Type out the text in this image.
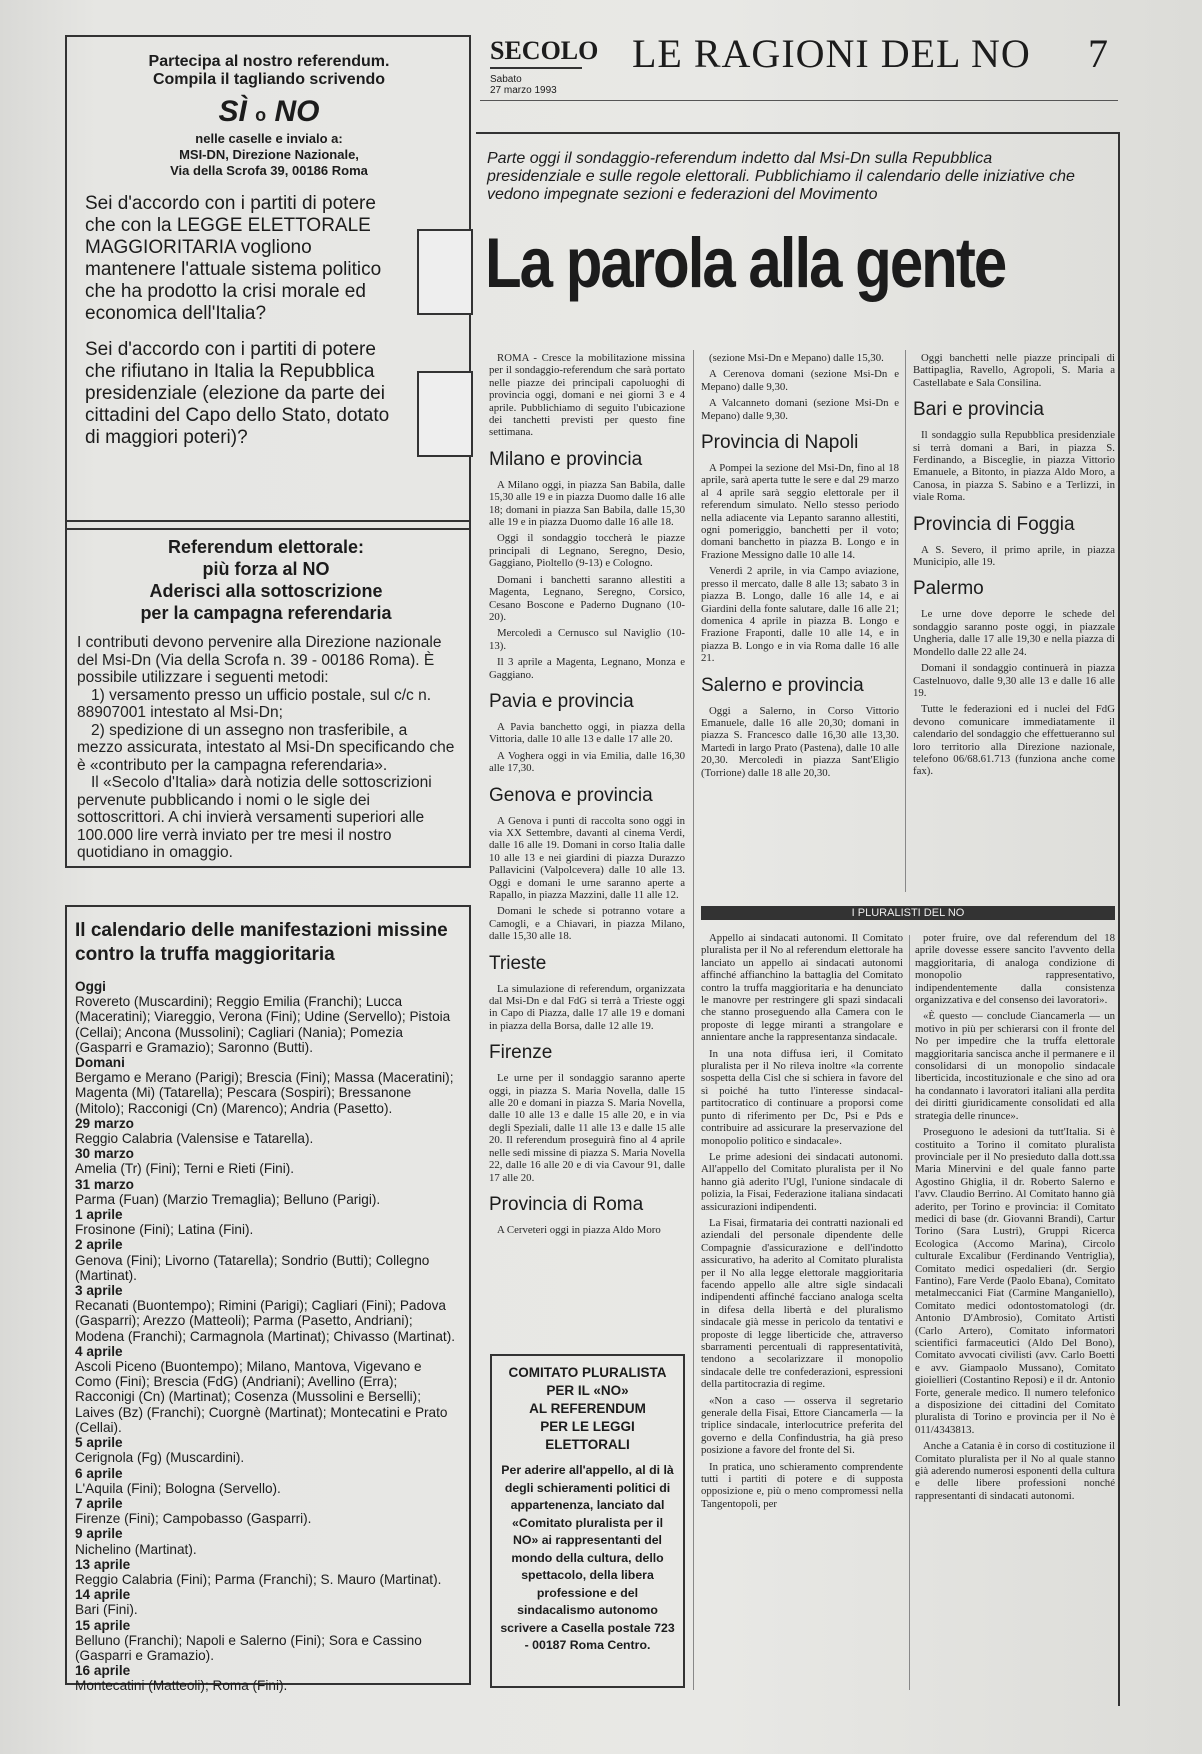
SECOLO
Sabato
27 marzo 1993
LE RAGIONI DEL NO 7
Partecipa al nostro referendum.
Compila il tagliando scrivendo
SÌ o NO
nelle caselle e invialo a:
MSI-DN, Direzione Nazionale,
Via della Scrofa 39, 00186 Roma
Sei d'accordo con i partiti di potere che con la LEGGE ELETTORALE MAGGIORITARIA vogliono mantenere l'attuale sistema politico che ha prodotto la crisi morale ed economica dell'Italia?
Sei d'accordo con i partiti di potere che rifiutano in Italia la Repubblica presidenziale (elezione da parte dei cittadini del Capo dello Stato, dotato di maggiori poteri)?
Referendum elettorale:
più forza al NO
Aderisci alla sottoscrizione
per la campagna referendaria

I contributi devono pervenire alla Direzione nazionale del Msi-Dn (Via della Scrofa n. 39 - 00186 Roma). È possibile utilizzare i seguenti metodi:

1) versamento presso un ufficio postale, sul c/c n. 88907001 intestato al Msi-Dn;

2) spedizione di un assegno non trasferibile, a mezzo assicurata, intestato al Msi-Dn specificando che è «contributo per la campagna referendaria».

Il «Secolo d'Italia» darà notizia delle sottoscrizioni pervenute pubblicando i nomi o le sigle dei sottoscrittori. A chi invierà versamenti superiori alle 100.000 lire verrà inviato per tre mesi il nostro quotidiano in omaggio.

Il calendario delle manifestazioni missine
contro la truffa maggioritaria
Oggi
Rovereto (Muscardini); Reggio Emilia (Franchi); Lucca (Maceratini); Viareggio, Verona (Fini); Udine (Servello); Pistoia (Cellai); Ancona (Mussolini); Cagliari (Nania); Pomezia (Gasparri e Gramazio); Saronno (Butti).
Domani
Bergamo e Merano (Parigi); Brescia (Fini); Massa (Maceratini); Magenta (Mi) (Tatarella); Pescara (Sospiri); Bressanone (Mitolo); Racconigi (Cn) (Marenco); Andria (Pasetto).
29 marzo
Reggio Calabria (Valensise e Tatarella).
30 marzo
Amelia (Tr) (Fini); Terni e Rieti (Fini).
31 marzo
Parma (Fuan) (Marzio Tremaglia); Belluno (Parigi).
1 aprile
Frosinone (Fini); Latina (Fini).
2 aprile
Genova (Fini); Livorno (Tatarella); Sondrio (Butti); Collegno (Martinat).
3 aprile
Recanati (Buontempo); Rimini (Parigi); Cagliari (Fini); Padova (Gasparri); Arezzo (Matteoli); Parma (Pasetto, Andriani); Modena (Franchi); Carmagnola (Martinat); Chivasso (Martinat).
4 aprile
Ascoli Piceno (Buontempo); Milano, Mantova, Vigevano e Como (Fini); Brescia (FdG) (Andriani); Avellino (Erra); Racconigi (Cn) (Martinat); Cosenza (Mussolini e Berselli); Laives (Bz) (Franchi); Cuorgnè (Martinat); Montecatini e Prato (Cellai).
5 aprile
Cerignola (Fg) (Muscardini).
6 aprile
L'Aquila (Fini); Bologna (Servello).
7 aprile
Firenze (Fini); Campobasso (Gasparri).
9 aprile
Nichelino (Martinat).
13 aprile
Reggio Calabria (Fini); Parma (Franchi); S. Mauro (Martinat).
14 aprile
Bari (Fini).
15 aprile
Belluno (Franchi); Napoli e Salerno (Fini); Sora e Cassino (Gasparri e Gramazio).
16 aprile
Montecatini (Matteoli); Roma (Fini).
Parte oggi il sondaggio-referendum indetto dal Msi-Dn sulla Repubblica presidenziale e sulle regole elettorali. Pubblichiamo il calendario delle iniziative che vedono impegnate sezioni e federazioni del Movimento
La parola alla gente

ROMA - Cresce la mobilitazione missina per il sondaggio-referendum che sarà portato nelle piazze dei principali capoluoghi di provincia oggi, domani e nei giorni 3 e 4 aprile. Pubblichiamo di seguito l'ubicazione dei tanchetti previsti per questo fine settimana.

Milano e provincia

A Milano oggi, in piazza San Babila, dalle 15,30 alle 19 e in piazza Duomo dalle 16 alle 18; domani in piazza San Babila, dalle 15,30 alle 19 e in piazza Duomo dalle 16 alle 18.

Oggi il sondaggio toccherà le piazze principali di Legnano, Seregno, Desio, Gaggiano, Pioltello (9-13) e Cologno.

Domani i banchetti saranno allestiti a Magenta, Legnano, Seregno, Corsico, Cesano Boscone e Paderno Dugnano (10-20).

Mercoledì a Cernusco sul Naviglio (10-13).

Il 3 aprile a Magenta, Legnano, Monza e Gaggiano.

Pavia e provincia

A Pavia banchetto oggi, in piazza della Vittoria, dalle 10 alle 13 e dalle 17 alle 20.

A Voghera oggi in via Emilia, dalle 16,30 alle 17,30.

Genova e provincia

A Genova i punti di raccolta sono oggi in via XX Settembre, davanti al cinema Verdi, dalle 16 alle 19. Domani in corso Italia dalle 10 alle 13 e nei giardini di piazza Durazzo Pallavicini (Valpolcevera) dalle 10 alle 13. Oggi e domani le urne saranno aperte a Rapallo, in piazza Mazzini, dalle 11 alle 12.

Domani le schede si potranno votare a Camogli, e a Chiavari, in piazza Milano, dalle 15,30 alle 18.

Trieste

La simulazione di referendum, organizzata dal Msi-Dn e dal FdG si terrà a Trieste oggi in Capo di Piazza, dalle 17 alle 19 e domani in piazza della Borsa, dalle 12 alle 19.

Firenze

Le urne per il sondaggio saranno aperte oggi, in piazza S. Maria Novella, dalle 15 alle 20 e domani in piazza S. Maria Novella, dalle 10 alle 13 e dalle 15 alle 20, e in via degli Speziali, dalle 11 alle 13 e dalle 15 alle 20. Il referendum proseguirà fino al 4 aprile nelle sedi missine di piazza S. Maria Novella 22, dalle 16 alle 20 e di via Cavour 91, dalle 17 alle 20.

Provincia di Roma

A Cerveteri oggi in piazza Aldo Moro

(sezione Msi-Dn e Mepano) dalle 15,30.

A Cerenova domani (sezione Msi-Dn e Mepano) dalle 9,30.

A Valcanneto domani (sezione Msi-Dn e Mepano) dalle 9,30.

Provincia di Napoli

A Pompei la sezione del Msi-Dn, fino al 18 aprile, sarà aperta tutte le sere e dal 29 marzo al 4 aprile sarà seggio elettorale per il referendum simulato. Nello stesso periodo nella adiacente via Lepanto saranno allestiti, ogni pomeriggio, banchetti per il voto; domani banchetto in piazza B. Longo e in Frazione Messigno dalle 10 alle 14.

Venerdì 2 aprile, in via Campo aviazione, presso il mercato, dalle 8 alle 13; sabato 3 in piazza B. Longo, dalle 16 alle 14, e ai Giardini della fonte salutare, dalle 16 alle 21; domenica 4 aprile in piazza B. Longo e Frazione Fraponti, dalle 10 alle 14, e in piazza B. Longo e in via Roma dalle 16 alle 21.

Salerno e provincia

Oggi a Salerno, in Corso Vittorio Emanuele, dalle 16 alle 20,30; domani in piazza S. Francesco dalle 16,30 alle 13,30. Martedì in largo Prato (Pastena), dalle 10 alle 20,30. Mercoledì in piazza Sant'Eligio (Torrione) dalle 18 alle 20,30.

Oggi banchetti nelle piazze principali di Battipaglia, Ravello, Agropoli, S. Maria a Castellabate e Sala Consilina.

Bari e provincia

Il sondaggio sulla Repubblica presidenziale si terrà domani a Bari, in piazza S. Ferdinando, a Bisceglie, in piazza Vittorio Emanuele, a Bitonto, in piazza Aldo Moro, a Canosa, in piazza S. Sabino e a Terlizzi, in viale Roma.

Provincia di Foggia

A S. Severo, il primo aprile, in piazza Municipio, alle 19.

Palermo

Le urne dove deporre le schede del sondaggio saranno poste oggi, in piazzale Ungheria, dalle 17 alle 19,30 e nella piazza di Mondello dalle 22 alle 24.

Domani il sondaggio continuerà in piazza Castelnuovo, dalle 9,30 alle 13 e dalle 16 alle 19.

Tutte le federazioni ed i nuclei del FdG devono comunicare immediatamente il calendario del sondaggio che effettueranno sul loro territorio alla Direzione nazionale, telefono 06/68.61.713 (funziona anche come fax).

I PLURALISTI DEL NO

Appello ai sindacati autonomi. Il Comitato pluralista per il No al referendum elettorale ha lanciato un appello ai sindacati autonomi affinché affianchino la battaglia del Comitato contro la truffa maggioritaria e ha denunciato le manovre per restringere gli spazi sindacali che stanno proseguendo alla Camera con le proposte di legge miranti a strangolare e annientare anche la rappresentanza sindacale.

In una nota diffusa ieri, il Comitato pluralista per il No rileva inoltre «la corrente sospetta della Cisl che si schiera in favore del sì poiché ha tutto l'interesse sindacal-partitocratico di continuare a proporsi come punto di riferimento per Dc, Psi e Pds e contribuire ad assicurare la preservazione del monopolio politico e sindacale».

Le prime adesioni dei sindacati autonomi. All'appello del Comitato pluralista per il No hanno già aderito l'Ugl, l'unione sindacale di polizia, la Fisai, Federazione italiana sindacati assicurazioni indipendenti.

La Fisai, firmataria dei contratti nazionali ed aziendali del personale dipendente delle Compagnie d'assicurazione e dell'indotto assicurativo, ha aderito al Comitato pluralista per il No alla legge elettorale maggioritaria facendo appello alle altre sigle sindacali indipendenti affinché facciano analoga scelta in difesa della libertà e del pluralismo sindacale già messe in pericolo da tentativi e proposte di legge liberticide che, attraverso sbarramenti percentuali di rappresentatività, tendono a secolarizzare il monopolio sindacale delle tre confederazioni, espressioni della partitocrazia di regime.

«Non a caso — osserva il segretario generale della Fisai, Ettore Ciancamerla — la triplice sindacale, interlocutrice preferita del governo e della Confindustria, ha già preso posizione a favore del fronte del Sì.

In pratica, uno schieramento comprendente tutti i partiti di potere e di supposta opposizione e, più o meno compromessi nella Tangentopoli, per

poter fruire, ove dal referendum del 18 aprile dovesse essere sancito l'avvento della maggioritaria, di analoga condizione di monopolio rappresentativo, indipendentemente dalla consistenza organizzativa e del consenso dei lavoratori».

«È questo — conclude Ciancamerla — un motivo in più per schierarsi con il fronte del No per impedire che la truffa elettorale maggioritaria sancisca anche il permanere e il consolidarsi di un monopolio sindacale liberticida, incostituzionale e che sino ad ora ha condannato i lavoratori italiani alla perdita dei diritti giuridicamente consolidati ed alla strategia delle rinunce».

Proseguono le adesioni da tutt'Italia. Si è costituito a Torino il comitato pluralista provinciale per il No presieduto dalla dott.ssa Maria Minervini e del quale fanno parte Agostino Ghiglia, il dr. Roberto Salerno e l'avv. Claudio Berrino. Al Comitato hanno già aderito, per Torino e provincia: il Comitato medici di base (dr. Giovanni Brandi), Cartur Torino (Sara Lustri), Gruppi Ricerca Ecologica (Accomo Marina), Circolo culturale Excalibur (Ferdinando Ventriglia), Comitato medici ospedalieri (dr. Sergio Fantino), Fare Verde (Paolo Ebana), Comitato metalmeccanici Fiat (Carmine Manganiello), Comitato medici odontostomatologi (dr. Antonio D'Ambrosio), Comitato Artisti (Carlo Artero), Comitato informatori scientifici farmaceutici (Aldo Del Bono), Comitato avvocati civilisti (avv. Carlo Boetti e avv. Giampaolo Mussano), Comitato gioiellieri (Costantino Reposi) e il dr. Antonio Forte, generale medico. Il numero telefonico a disposizione dei cittadini del Comitato pluralista di Torino e provincia per il No è 011/4343813.

Anche a Catania è in corso di costituzione il Comitato pluralista per il No al quale stanno già aderendo numerosi esponenti della cultura e delle libere professioni nonché rappresentanti di sindacati autonomi.

COMITATO PLURALISTA
PER IL «NO»
AL REFERENDUM
PER LE LEGGI
ELETTORALI
Per aderire all'appello, al di là degli schieramenti politici di appartenenza, lanciato dal «Comitato pluralista per il NO» ai rappresentanti del mondo della cultura, dello spettacolo, della libera professione e del sindacalismo autonomo scrivere a Casella postale 723 - 00187 Roma Centro.
